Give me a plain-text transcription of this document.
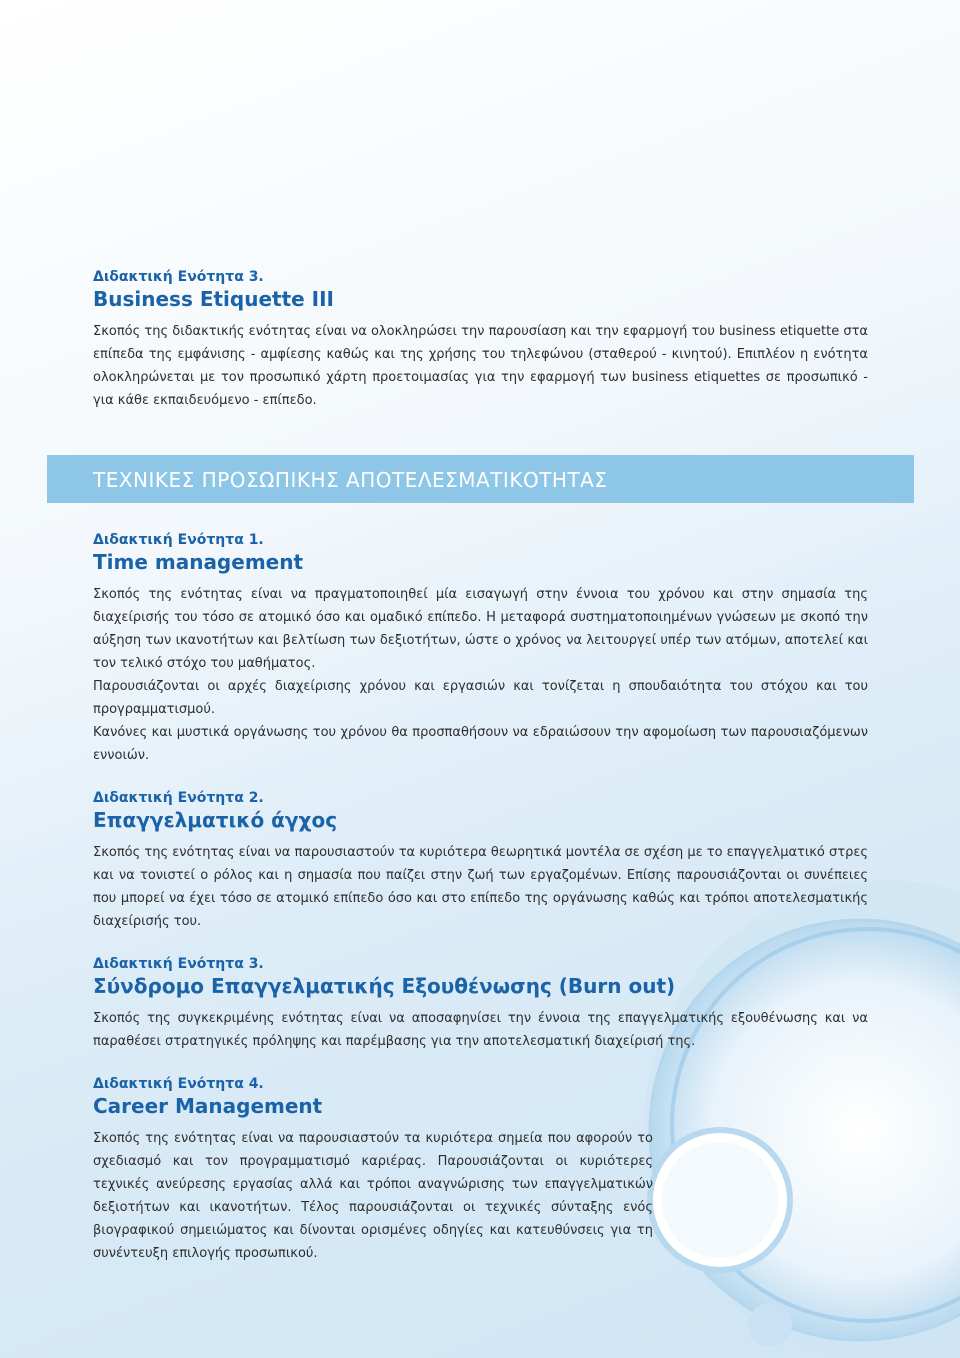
Διδακτική Ενότητα 3.

Business Etiquette III

Σκοπός της διδακτικής ενότητας είναι να ολοκληρώσει την παρουσίαση και την εφαρμογή του business etiquette στα επίπεδα της εμφάνισης - αμφίεσης καθώς και της χρήσης του τηλεφώνου (σταθερού - κινητού). Επιπλέον η ενότητα ολοκληρώνεται με τον προσωπικό χάρτη προετοιμασίας για την εφαρμογή των business etiquettes σε προσωπικό - για κάθε εκπαιδευόμενο - επίπεδο.

ΤΕΧΝΙΚΕΣ ΠΡΟΣΩΠΙΚΗΣ ΑΠΟΤΕΛΕΣΜΑΤΙΚΟΤΗΤΑΣ

Διδακτική Ενότητα 1.

Time management

Σκοπός της ενότητας είναι να πραγματοποιηθεί μία εισαγωγή στην έννοια του χρόνου και στην σημασία της διαχείρισής του τόσο σε ατομικό όσο και ομαδικό επίπεδο. Η μεταφορά συστηματοποιημένων γνώσεων με σκοπό την αύξηση των ικανοτήτων και βελτίωση των δεξιοτήτων, ώστε ο χρόνος να λειτουργεί υπέρ των ατόμων, αποτελεί και τον τελικό στόχο του μαθήματος.

Παρουσιάζονται οι αρχές διαχείρισης χρόνου και εργασιών και τονίζεται η σπουδαιότητα του στόχου και του προγραμματισμού.

Κανόνες και μυστικά οργάνωσης του χρόνου θα προσπαθήσουν να εδραιώσουν την αφομοίωση των παρουσιαζόμενων εννοιών.

Διδακτική Ενότητα 2.

Επαγγελματικό άγχος

Σκοπός της ενότητας είναι να παρουσιαστούν τα κυριότερα θεωρητικά μοντέλα σε σχέση με το επαγγελματικό στρες και να τονιστεί ο ρόλος και η σημασία που παίζει στην ζωή των εργαζομένων. Επίσης παρουσιάζονται οι συνέπειες που μπορεί να έχει τόσο σε ατομικό επίπεδο όσο και στο επίπεδο της οργάνωσης καθώς και τρόποι αποτελεσματικής διαχείρισής του.

Διδακτική Ενότητα 3.

Σύνδρομο Επαγγελματικής Εξουθένωσης (Burn out)

Σκοπός της συγκεκριμένης ενότητας είναι να αποσαφηνίσει την έννοια της επαγγελματικής εξουθένωσης και να παραθέσει στρατηγικές πρόληψης και παρέμβασης για την αποτελεσματική διαχείρισή της.

Διδακτική Ενότητα 4.

Career Management

Σκοπός της ενότητας είναι να παρουσιαστούν τα κυριότερα σημεία που αφορούν το σχεδιασμό και τον προγραμματισμό καριέρας. Παρουσιάζονται οι κυριότερες τεχνικές ανεύρεσης εργασίας αλλά και τρόποι αναγνώρισης των επαγγελματικών δεξιοτήτων και ικανοτήτων. Τέλος παρουσιάζονται οι τεχνικές σύνταξης ενός βιογραφικού σημειώματος και δίνονται ορισμένες οδηγίες και κατευθύνσεις για τη συνέντευξη επιλογής προσωπικού.
